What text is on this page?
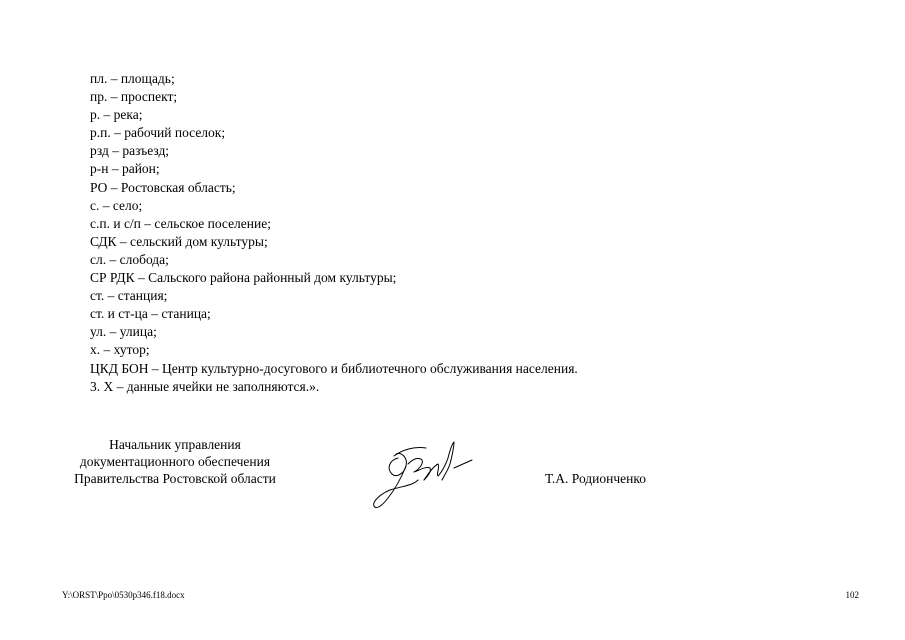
пл. – площадь;
пр. – проспект;
р. – река;
р.п. – рабочий поселок;
рзд – разъезд;
р-н – район;
РО – Ростовская область;
с. – село;
с.п. и с/п – сельское поселение;
СДК – сельский дом культуры;
сл. – слобода;
СР РДК – Сальского района районный дом культуры;
ст. – станция;
ст. и ст-ца – станица;
ул. – улица;
х. – хутор;
ЦКД БОН – Центр культурно-досугового и библиотечного обслуживания населения.
3. Х – данные ячейки не заполняются.».
Начальник управления
документационного обеспечения
Правительства Ростовской области	Т.А. Родионченко
Y:\ORST\Ppo\0530p346.f18.docx	102
